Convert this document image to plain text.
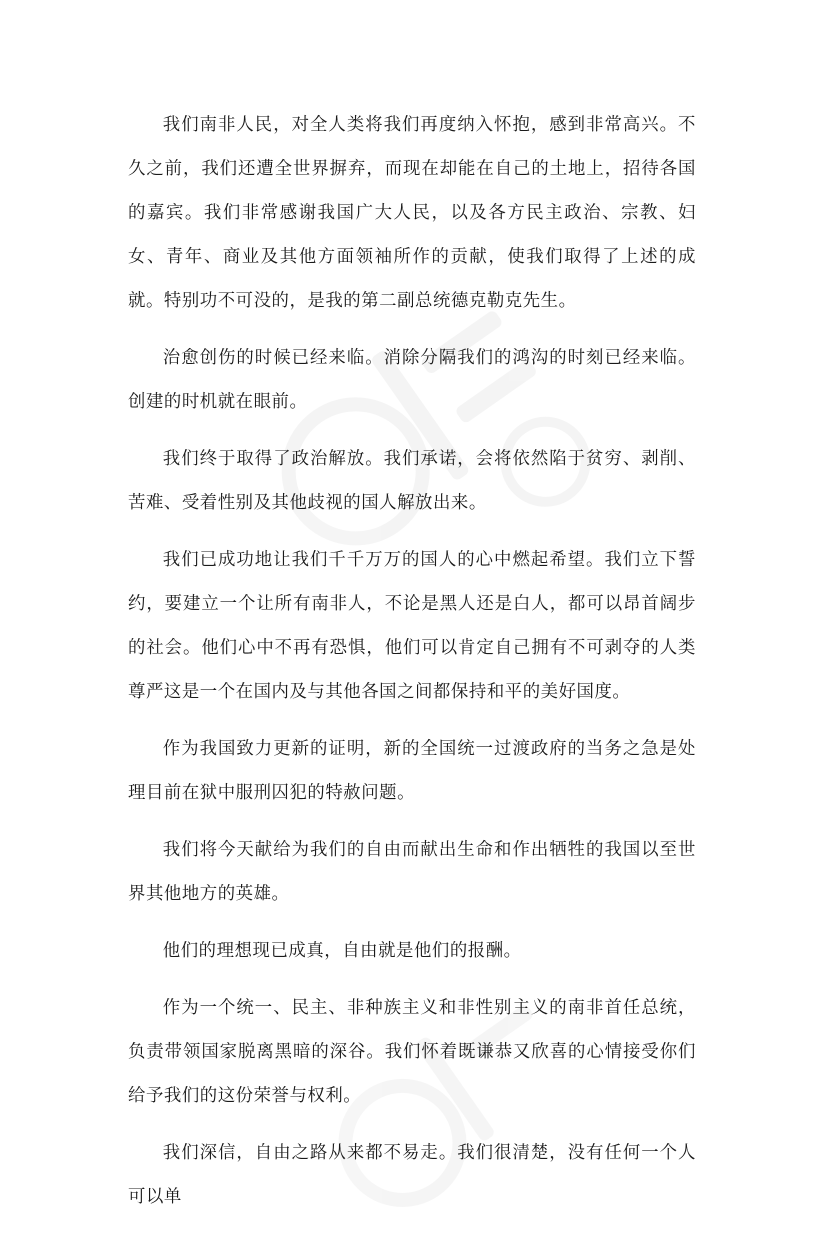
我们南非人民，对全人类将我们再度纳入怀抱，感到非常高兴。不久之前，我们还遭全世界摒弃，而现在却能在自己的土地上，招待各国的嘉宾。我们非常感谢我国广大人民，以及各方民主政治、宗教、妇女、青年、商业及其他方面领袖所作的贡献，使我们取得了上述的成就。特别功不可没的，是我的第二副总统德克勒克先生。

治愈创伤的时候已经来临。消除分隔我们的鸿沟的时刻已经来临。创建的时机就在眼前。

我们终于取得了政治解放。我们承诺，会将依然陷于贫穷、剥削、苦难、受着性别及其他歧视的国人解放出来。

我们已成功地让我们千千万万的国人的心中燃起希望。我们立下誓约，要建立一个让所有南非人，不论是黑人还是白人，都可以昂首阔步的社会。他们心中不再有恐惧，他们可以肯定自己拥有不可剥夺的人类尊严这是一个在国内及与其他各国之间都保持和平的美好国度。

作为我国致力更新的证明，新的全国统一过渡政府的当务之急是处理目前在狱中服刑囚犯的特赦问题。

我们将今天献给为我们的自由而献出生命和作出牺牲的我国以至世界其他地方的英雄。

他们的理想现已成真，自由就是他们的报酬。

作为一个统一、民主、非种族主义和非性别主义的南非首任总统，负责带领国家脱离黑暗的深谷。我们怀着既谦恭又欣喜的心情接受你们给予我们的这份荣誉与权利。

我们深信，自由之路从来都不易走。我们很清楚，没有任何一个人可以单
